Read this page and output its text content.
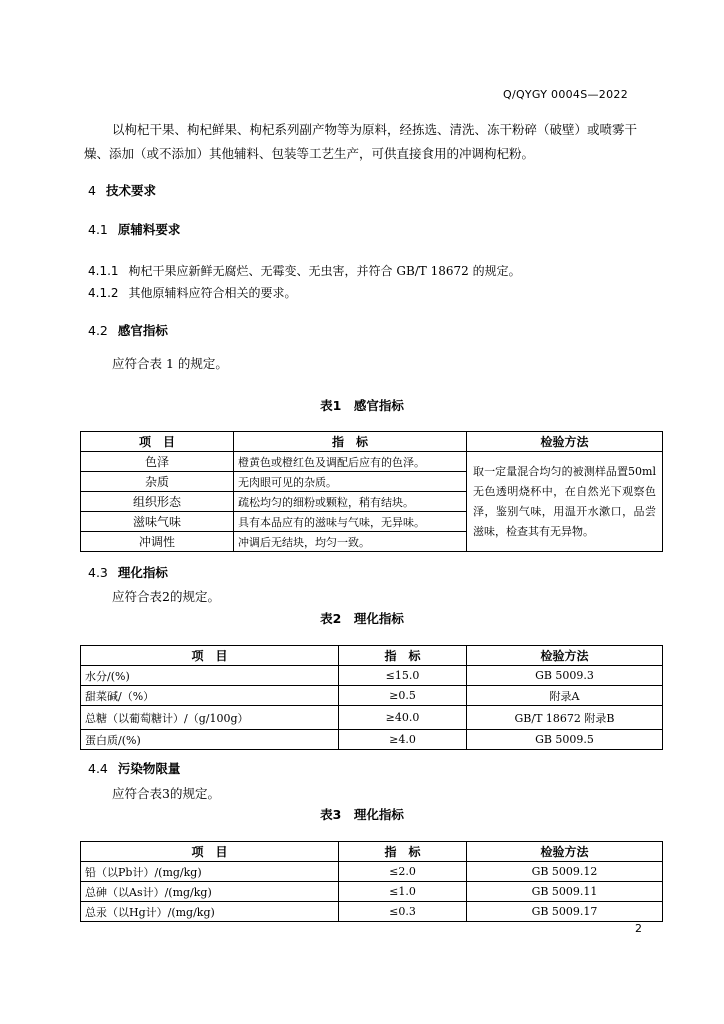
Q/QYGY 0004S—2022
以枸杞干果、枸杞鲜果、枸杞系列副产物等为原料，经拣选、清洗、冻干粉碎（破壁）或喷雾干燥、添加（或不添加）其他辅料、包装等工艺生产，可供直接食用的冲调枸杞粉。
4 技术要求
4.1 原辅料要求
4.1.1 枸杞干果应新鲜无腐烂、无霉变、无虫害，并符合 GB/T 18672 的规定。
4.1.2 其他原辅料应符合相关的要求。
4.2 感官指标
应符合表 1 的规定。
表1　感官指标
项　目	指　标	检验方法
色泽	橙黄色或橙红色及调配后应有的色泽。	取一定量混合均匀的被测样品置50ml 无色透明烧杯中，在自然光下观察色泽，鉴别气味，用温开水漱口，品尝滋味，检查其有无异物。
杂质	无肉眼可见的杂质。	
组织形态	疏松均匀的细粉或颗粒，稍有结块。	
滋味气味	具有本品应有的滋味与气味，无异味。	
冲调性	冲调后无结块，均匀一致。	
4.3 理化指标
应符合表2的规定。
表2　理化指标
项　目	指　标	检验方法
水分/(%)	≤15.0	GB 5009.3
甜菜碱/（%）	≥0.5	附录A
总糖（以葡萄糖计）/（g/100g）	≥40.0	GB/T 18672 附录B
蛋白质/(%)	≥4.0	GB 5009.5
4.4 污染物限量
应符合表3的规定。
表3　理化指标
项　目	指　标	检验方法
铅（以Pb计）/(mg/kg)	≤2.0	GB 5009.12
总砷（以As计）/(mg/kg)	≤1.0	GB 5009.11
总汞（以Hg计）/(mg/kg)	≤0.3	GB 5009.17
2
